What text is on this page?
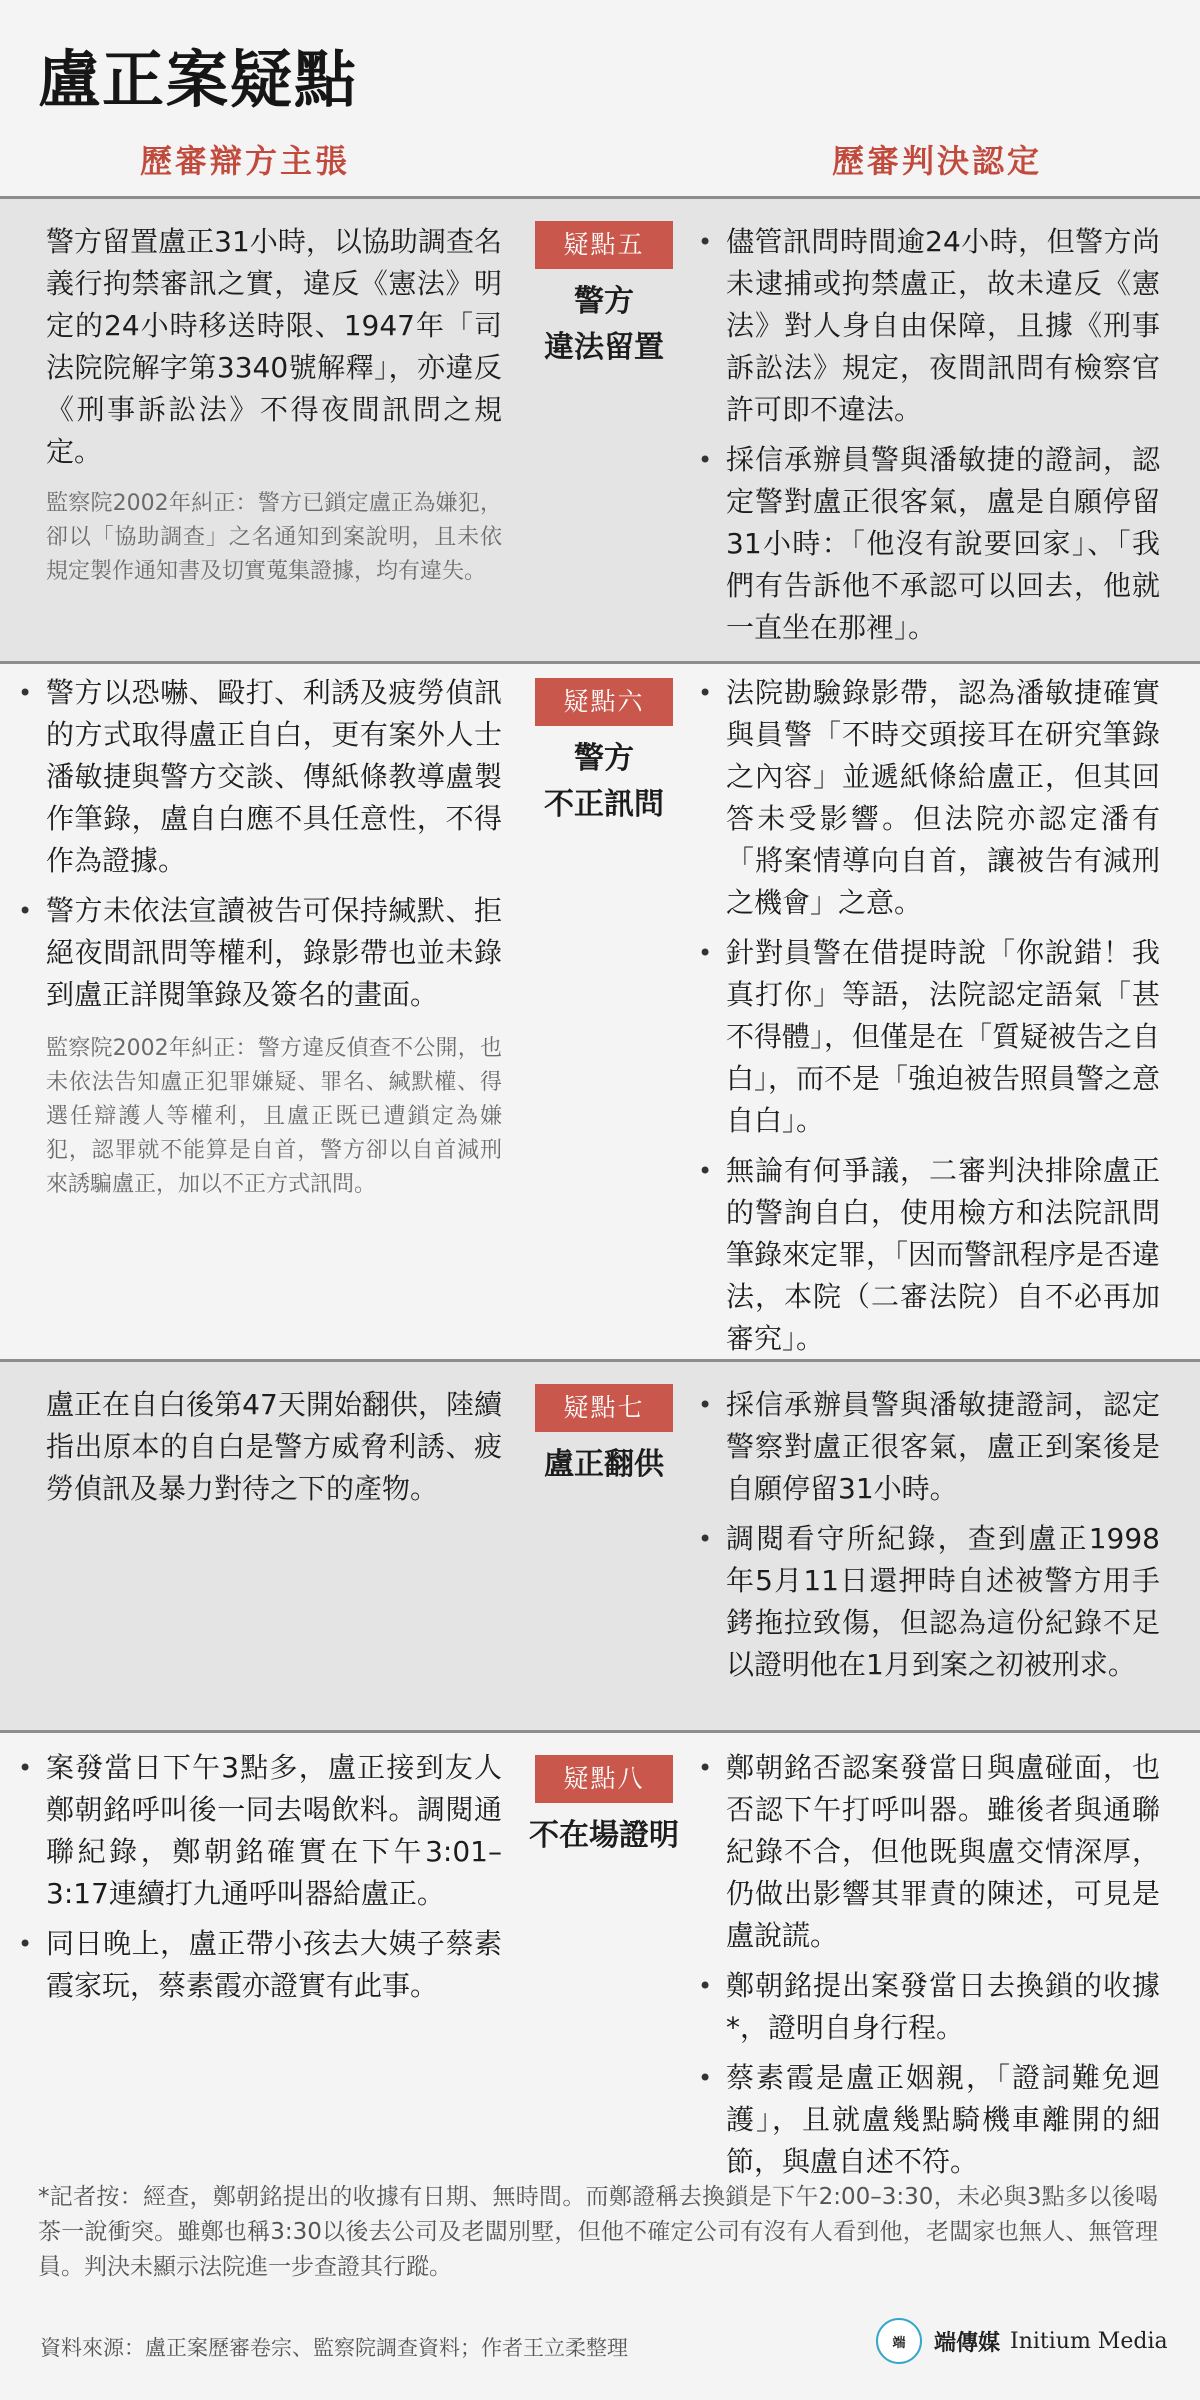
盧正案疑點
歷審辯方主張	歷審判決認定

警方留置盧正31小時，以協助調查名義行拘禁審訊之實，違反《憲法》明定的24小時移送時限、1947年「司法院院解字第3340號解釋」，亦違反《刑事訴訟法》不得夜間訊問之規定。

監察院2002年糾正：警方已鎖定盧正為嫌犯，卻以「協助調查」之名通知到案說明，且未依規定製作通知書及切實蒐集證據，均有違失。

疑點五
警方
違法留置
• 儘管訊問時間逾24小時，但警方尚未逮捕或拘禁盧正，故未違反《憲法》對人身自由保障，且據《刑事訴訟法》規定，夜間訊問有檢察官許可即不違法。
• 採信承辦員警與潘敏捷的證詞，認定警對盧正很客氣，盧是自願停留31小時：「他沒有說要回家」、「我們有告訴他不承認可以回去，他就一直坐在那裡」。
• 警方以恐嚇、毆打、利誘及疲勞偵訊的方式取得盧正自白，更有案外人士潘敏捷與警方交談、傳紙條教導盧製作筆錄，盧自白應不具任意性，不得作為證據。
• 警方未依法宣讀被告可保持緘默、拒絕夜間訊問等權利，錄影帶也並未錄到盧正詳閱筆錄及簽名的畫面。

監察院2002年糾正：警方違反偵查不公開，也未依法告知盧正犯罪嫌疑、罪名、緘默權、得選任辯護人等權利，且盧正既已遭鎖定為嫌犯，認罪就不能算是自首，警方卻以自首減刑來誘騙盧正，加以不正方式訊問。

疑點六
警方
不正訊問
• 法院勘驗錄影帶，認為潘敏捷確實與員警「不時交頭接耳在研究筆錄之內容」並遞紙條給盧正，但其回答未受影響。但法院亦認定潘有「將案情導向自首，讓被告有減刑之機會」之意。
• 針對員警在借提時說「你說錯！我真打你」等語，法院認定語氣「甚不得體」，但僅是在「質疑被告之自白」，而不是「強迫被告照員警之意自白」。
• 無論有何爭議，二審判決排除盧正的警詢自白，使用檢方和法院訊問筆錄來定罪，「因而警訊程序是否違法，本院（二審法院）自不必再加審究」。

盧正在自白後第47天開始翻供，陸續指出原本的自白是警方威脅利誘、疲勞偵訊及暴力對待之下的產物。

疑點七
盧正翻供
• 採信承辦員警與潘敏捷證詞，認定警察對盧正很客氣，盧正到案後是自願停留31小時。
• 調閱看守所紀錄，查到盧正1998年5月11日還押時自述被警方用手銬拖拉致傷，但認為這份紀錄不足以證明他在1月到案之初被刑求。
• 案發當日下午3點多，盧正接到友人鄭朝銘呼叫後一同去喝飲料。調閱通聯紀錄，鄭朝銘確實在下午3:01–3:17連續打九通呼叫器給盧正。
• 同日晚上，盧正帶小孩去大姨子蔡素霞家玩，蔡素霞亦證實有此事。
疑點八
不在場證明
• 鄭朝銘否認案發當日與盧碰面，也否認下午打呼叫器。雖後者與通聯紀錄不合，但他既與盧交情深厚，仍做出影響其罪責的陳述，可見是盧說謊。
• 鄭朝銘提出案發當日去換鎖的收據*，證明自身行程。
• 蔡素霞是盧正姻親，「證詞難免迴護」，且就盧幾點騎機車離開的細節，與盧自述不符。

*記者按：經查，鄭朝銘提出的收據有日期、無時間。而鄭證稱去換鎖是下午2:00–3:30，未必與3點多以後喝茶一說衝突。雖鄭也稱3:30以後去公司及老闆別墅，但他不確定公司有沒有人看到他，老闆家也無人、無管理員。判決未顯示法院進一步查證其行蹤。

資料來源：盧正案歷審卷宗、監察院調查資料；作者王立柔整理	端 端傳媒 Initium Media
